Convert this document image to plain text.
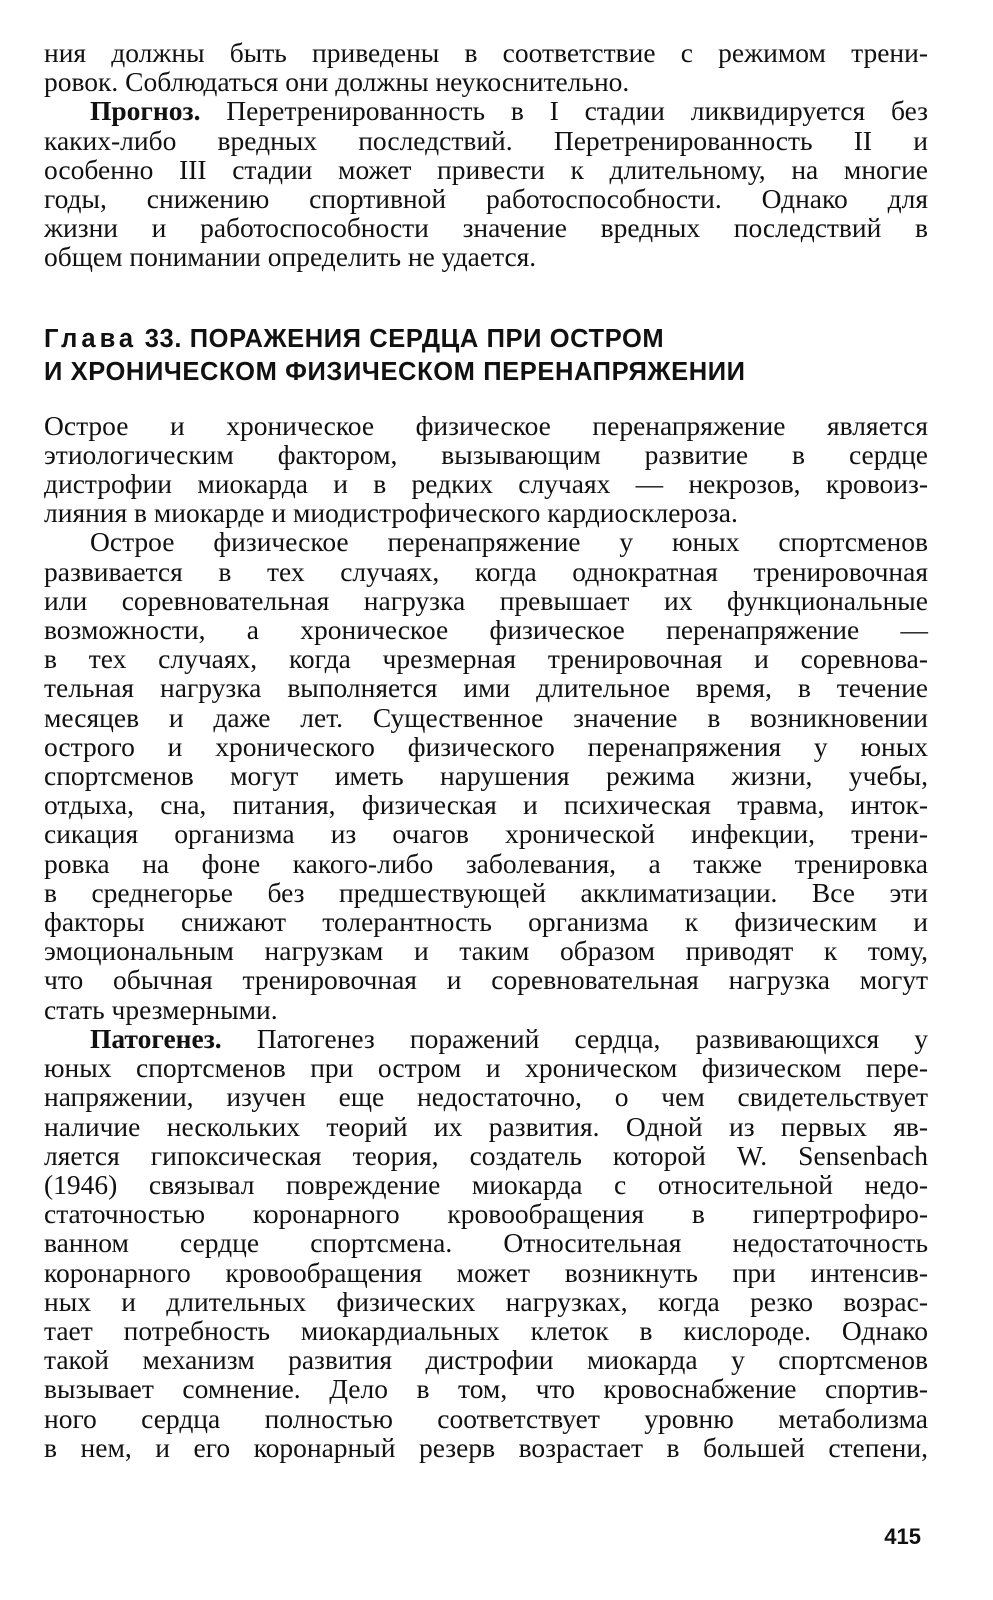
ния должны быть приведены в соответствие с режимом трени-
ровок. Соблюдаться они должны неукоснительно.
Прогноз. Перетренированность в I стадии ликвидируется без
каких-либо вредных последствий. Перетренированность II и
особенно III стадии может привести к длительному, на многие
годы, снижению спортивной работоспособности. Однако для
жизни и работоспособности значение вредных последствий в
общем понимании определить не удается.
Глава 33. ПОРАЖЕНИЯ СЕРДЦА ПРИ ОСТРОМ
И ХРОНИЧЕСКОМ ФИЗИЧЕСКОМ ПЕРЕНАПРЯЖЕНИИ
Острое и хроническое физическое перенапряжение является
этиологическим фактором, вызывающим развитие в сердце
дистрофии миокарда и в редких случаях — некрозов, кровоиз-
лияния в миокарде и миодистрофического кардиосклероза.
Острое физическое перенапряжение у юных спортсменов
развивается в тех случаях, когда однократная тренировочная
или соревновательная нагрузка превышает их функциональные
возможности, а хроническое физическое перенапряжение —
в тех случаях, когда чрезмерная тренировочная и соревнова-
тельная нагрузка выполняется ими длительное время, в течение
месяцев и даже лет. Существенное значение в возникновении
острого и хронического физического перенапряжения у юных
спортсменов могут иметь нарушения режима жизни, учебы,
отдыха, сна, питания, физическая и психическая травма, инток-
сикация организма из очагов хронической инфекции, трени-
ровка на фоне какого-либо заболевания, а также тренировка
в среднегорье без предшествующей акклиматизации. Все эти
факторы снижают толерантность организма к физическим и
эмоциональным нагрузкам и таким образом приводят к тому,
что обычная тренировочная и соревновательная нагрузка могут
стать чрезмерными.
Патогенез. Патогенез поражений сердца, развивающихся у
юных спортсменов при остром и хроническом физическом пере-
напряжении, изучен еще недостаточно, о чем свидетельствует
наличие нескольких теорий их развития. Одной из первых яв-
ляется гипоксическая теория, создатель которой W. Sensenbach
(1946) связывал повреждение миокарда с относительной недо-
статочностью коронарного кровообращения в гипертрофиро-
ванном сердце спортсмена. Относительная недостаточность
коронарного кровообращения может возникнуть при интенсив-
ных и длительных физических нагрузках, когда резко возрас-
тает потребность миокардиальных клеток в кислороде. Однако
такой механизм развития дистрофии миокарда у спортсменов
вызывает сомнение. Дело в том, что кровоснабжение спортив-
ного сердца полностью соответствует уровню метаболизма
в нем, и его коронарный резерв возрастает в большей степени,
415
